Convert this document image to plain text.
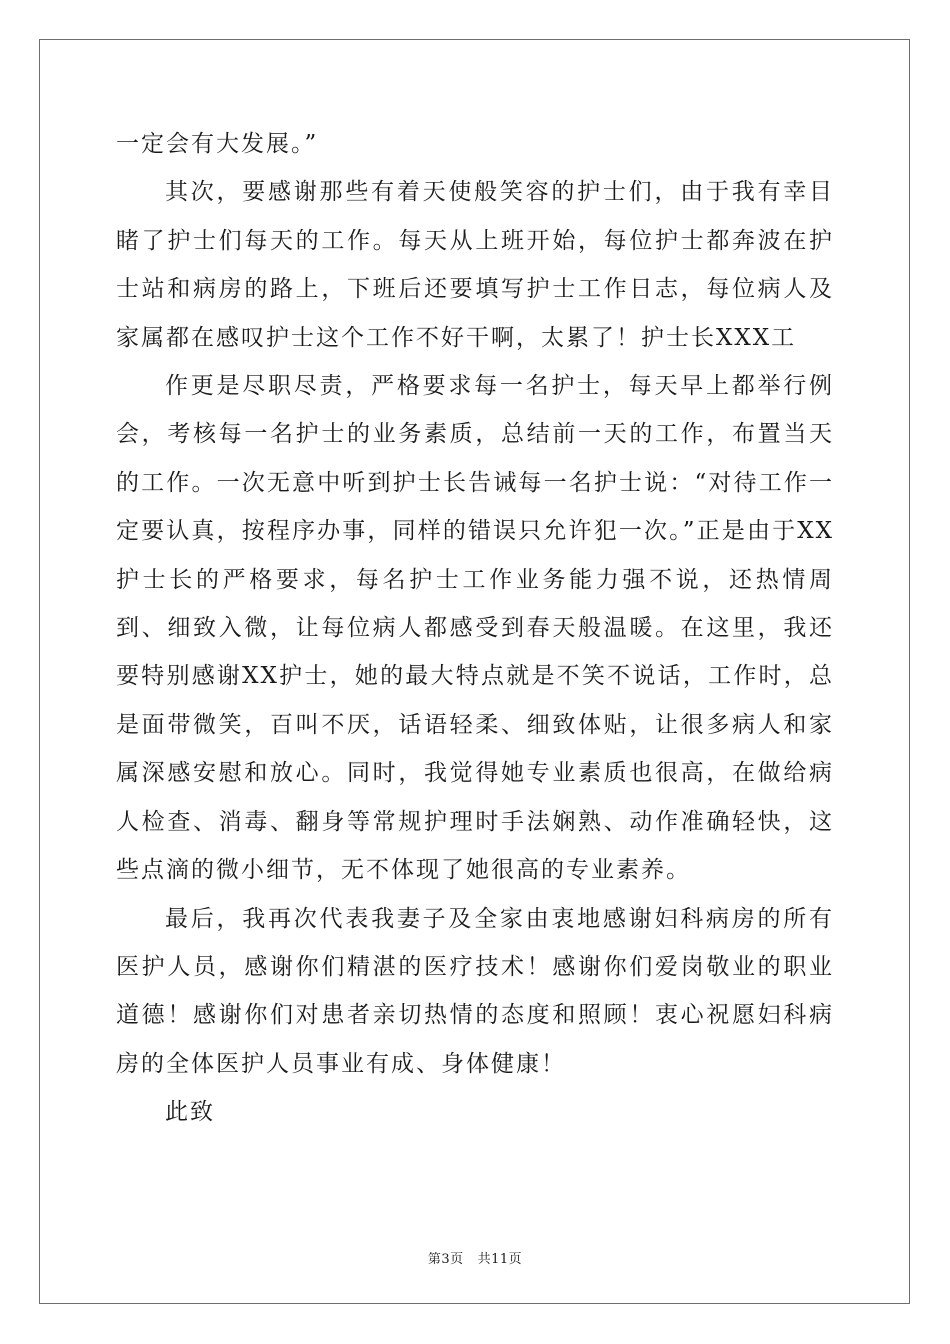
一定会有大发展。”

其次，要感谢那些有着天使般笑容的护士们，由于我有幸目睹了护士们每天的工作。每天从上班开始，每位护士都奔波在护士站和病房的路上，下班后还要填写护士工作日志，每位病人及家属都在感叹护士这个工作不好干啊，太累了！护士长XXX工

作更是尽职尽责，严格要求每一名护士，每天早上都举行例会，考核每一名护士的业务素质，总结前一天的工作，布置当天的工作。一次无意中听到护士长告诫每一名护士说：“对待工作一定要认真，按程序办事，同样的错误只允许犯一次。”正是由于XX护士长的严格要求，每名护士工作业务能力强不说，还热情周到、细致入微，让每位病人都感受到春天般温暖。在这里，我还要特别感谢XX护士，她的最大特点就是不笑不说话，工作时，总是面带微笑，百叫不厌，话语轻柔、细致体贴，让很多病人和家属深感安慰和放心。同时，我觉得她专业素质也很高，在做给病人检查、消毒、翻身等常规护理时手法娴熟、动作准确轻快，这些点滴的微小细节，无不体现了她很高的专业素养。

最后，我再次代表我妻子及全家由衷地感谢妇科病房的所有医护人员，感谢你们精湛的医疗技术！感谢你们爱岗敬业的职业道德！感谢你们对患者亲切热情的态度和照顾！衷心祝愿妇科病房的全体医护人员事业有成、身体健康！

此致

第3页 共11页
